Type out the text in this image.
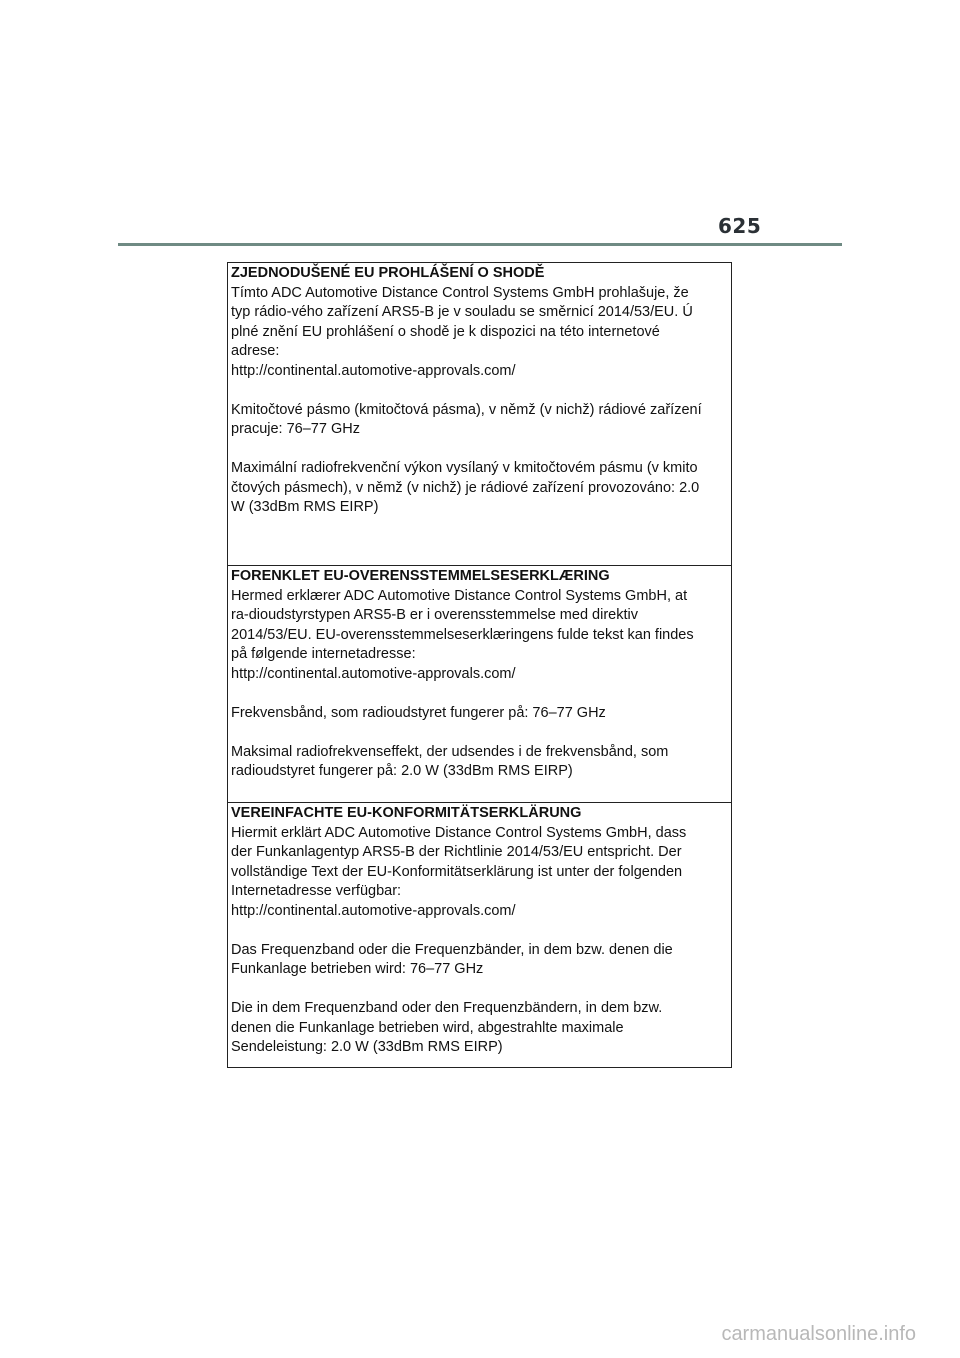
625
ZJEDNODUŠENÉ EU PROHLÁŠENÍ O SHODĚ

Tímto ADC Automotive Distance Control Systems GmbH prohlašuje, že
typ rádio-vého zařízení ARS5-B je v souladu se směrnicí 2014/53/EU. Ú
plné znění EU prohlášení o shodě je k dispozici na této internetové
adrese:
http://continental.automotive-approvals.com/

Kmitočtové pásmo (kmitočtová pásma), v němž (v nichž) rádiové zařízení
pracuje: 76–77 GHz

Maximální radiofrekvenční výkon vysílaný v kmitočtovém pásmu (v kmito
čtových pásmech), v němž (v nichž) je rádiové zařízení provozováno: 2.0
W (33dBm RMS EIRP)

FORENKLET EU-OVERENSSTEMMELSESERKLÆRING

Hermed erklærer ADC Automotive Distance Control Systems GmbH, at
ra-dioudstyrstypen ARS5-B er i overensstemmelse med direktiv
2014/53/EU. EU-overensstemmelseserklæringens fulde tekst kan findes
på følgende internetadresse:
http://continental.automotive-approvals.com/

Frekvensbånd, som radioudstyret fungerer på: 76–77 GHz

Maksimal radiofrekvenseffekt, der udsendes i de frekvensbånd, som
radioudstyret fungerer på: 2.0 W (33dBm RMS EIRP)

VEREINFACHTE EU-KONFORMITÄTSERKLÄRUNG

Hiermit erklärt ADC Automotive Distance Control Systems GmbH, dass
der Funkanlagentyp ARS5-B der Richtlinie 2014/53/EU entspricht. Der
vollständige Text der EU-Konformitätserklärung ist unter der folgenden
Internetadresse verfügbar:
http://continental.automotive-approvals.com/

Das Frequenzband oder die Frequenzbänder, in dem bzw. denen die
Funkanlage betrieben wird: 76–77 GHz

Die in dem Frequenzband oder den Frequenzbändern, in dem bzw.
denen die Funkanlage betrieben wird, abgestrahlte maximale
Sendeleistung: 2.0 W (33dBm RMS EIRP)

carmanualsonline.info
